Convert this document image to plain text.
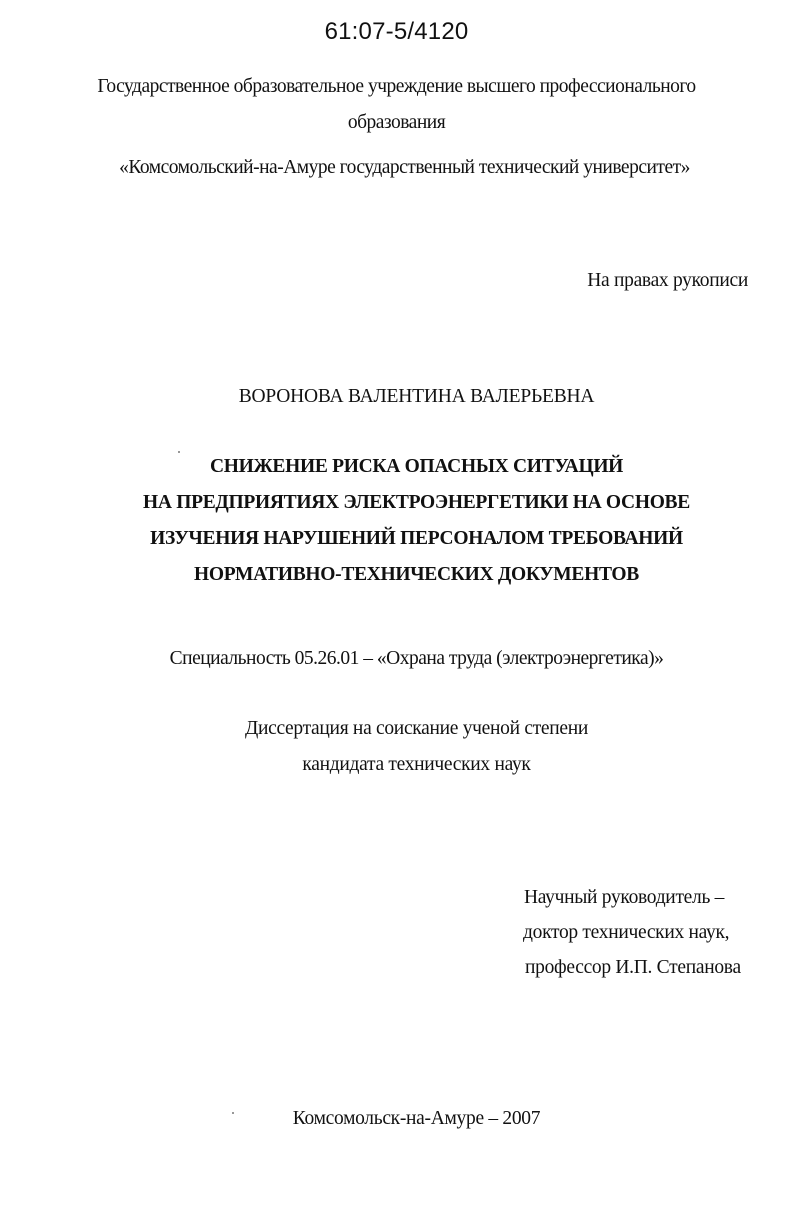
61:07-5/4120
Государственное образовательное учреждение высшего профессионального
образования
«Комсомольский-на-Амуре государственный технический университет»
На правах рукописи
ВОРОНОВА ВАЛЕНТИНА ВАЛЕРЬЕВНА
СНИЖЕНИЕ РИСКА ОПАСНЫХ СИТУАЦИЙ
НА ПРЕДПРИЯТИЯХ ЭЛЕКТРОЭНЕРГЕТИКИ НА ОСНОВЕ
ИЗУЧЕНИЯ НАРУШЕНИЙ ПЕРСОНАЛОМ ТРЕБОВАНИЙ
НОРМАТИВНО-ТЕХНИЧЕСКИХ ДОКУМЕНТОВ
Специальность 05.26.01 – «Охрана труда (электроэнергетика)»
Диссертация на соискание ученой степени
кандидата технических наук
Научный руководитель –
доктор технических наук,
профессор И.П. Степанова
Комсомольск-на-Амуре – 2007
